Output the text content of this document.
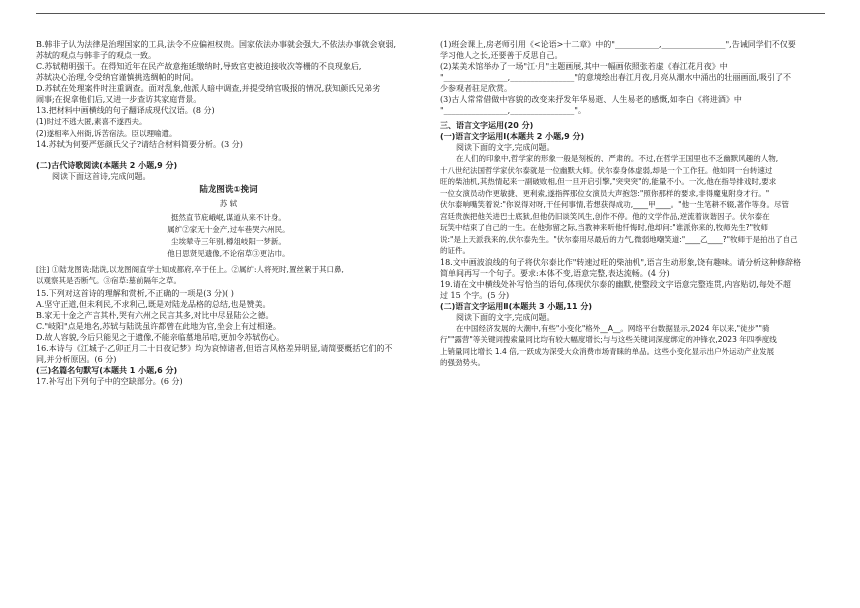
B.韩非子认为法律是治理国家的工具,法令不应偏袒权贵。国家依法办事就会强大,不依法办事就会衰弱,

苏轼的观点与韩非子的观点一致。

C.苏轼精明强干。在得知近年在民产故意拖延缴纳时,导致官吏被迫接收次等栅的不良现象后,

苏轼决心治理,令受纳官谨慎挑选绸帕的时间。

D.苏轼在处理案件时注重调查。面对乱象,他派人暗中调查,并提受纳官吸报的情况,获知颜氏兄弟劣

闹事;在捉拿他们后,又进一步查访其家庭背景。

13.把材料中画横线的句子翻译成现代汉语。(8 分)

(1)时过不逃大匿,素喜不遂西夫。

(2)遂相率入州衙,诉苦宿法。臣以理喻遣。

14.苏轼为何要严惩颜氏父子?请结合材料简要分析。(3 分)

(二)古代诗歌阅读(本题共 2 小题,9 分)

阅读下面这首诗,完成问题。

陆龙图诜①挽词
苏 轼
挺然直节庇峨岷,谋道从来不计身。
属纩②家无十金产,过车巷哭六州民。
尘埃辇寺三年别,樽俎岐阳一梦新。
他日思贤见遗像,不论宿草③更沾巾。

[注] ①陆龙图诜:陆诜,以龙图阁直学士知成都府,卒于任上。②属纩:人将死时,置丝絮于其口鼻,

以观察其是否断气。③宿草:墓前隔年之草。

15.下列对这首诗的理解和赏析,不正确的一项是(3 分)( )

A.坚守正道,但未利民,不求利己,既是对陆龙品格的总结,也是赞美。

B.家无十金之产言其朴,哭有六州之民言其多,对比中尽显陆公之德。

C."岐阳"点是地名,苏轼与陆诜虽许都曾在此地为官,坐会上有过相逢。

D.故人容貌,今后只能见之于遗像,不能亲临墓地吊唁,更加令苏轼伤心。

16.本诗与《江城子·乙卯正月二十日夜记梦》均为哀悼诸者,但语言风格差异明显,请简要概括它们的不

同,并分析原因。(6 分)

(三)名篇名句默写(本题共 1 小题,6 分)

17.补写出下列句子中的空缺部分。(6 分)

(1)班会课上,房老师引用《<论语>十二章》中的"___________,________________",告诫同学们不仅要

学习他人之长,还要善于反思自己。

(2)某美术馆举办了一场"江·月"主题画展,其中一幅画依照张若虚《春江花月夜》中

"________________,________________"的意境绘出春江月夜,月亮从潮水中涌出的壮丽画面,吸引了不

少参观者驻足欣赏。

(3)古人常常借做中容貌的改变来抒发年华易逝、人生易老的感慨,如李白《将进酒》中

"________________,________________"。

三、语言文字运用(20 分)

(一)语言文字运用Ⅰ(本题共 2 小题,9 分)

阅读下面的文字,完成问题。

在人们的印象中,哲学家的形象一般是刻板的、严肃的。不过,在哲学王国里也不乏幽默风趣的人物,

十八世纪法国哲学家伏尔泰就是一位幽默大师。伏尔泰身体虚弱,却是一个工作狂。他如同一台转速过

旺的柴油机,其热情起来一副破败相,但一旦开启引擎,"突突突"的,能量不小。一次,他在指导排戏时,要求

一位女演员动作更敏捷、更利索,遂指挥那位女演员大声抱怨:"照你那样的要求,非得魔鬼附身才行。"

伏尔泰响嘴笑着说:"你说得对呀,干任何事情,若想获得成功,____甲____。"他一生笔耕不辍,著作等身。尽管

宫廷贵族把他关进巴士底狱,但他仍旧谈笑风生,创作不停。他的文学作品,逆流着诙谐因子。伏尔泰在

玩笑中结束了自己的一生。在他弥留之际,当教神来听他忏悔时,他却问:"谁派你来的,牧师先生?"牧师

说:"是上天派我来的,伏尔泰先生。"伏尔泰用尽最后的力气,微弱地嘲笑道:"____乙____?"牧师于是拍出了自己

的证件。

18.文中画波浪线的句子将伏尔泰比作"转速过旺的柴油机",语言生动形象,饶有趣味。请分析这种修辞格

简单间再写一个句子。要求:本体不变,语意完整,表达流畅。(4 分)

19.请在文中横线处补写恰当的语句,体现伏尔泰的幽默,使整段文字语意完整连贯,内容贴切,每处不超

过 15 个字。(5 分)

(二)语言文字运用Ⅱ(本题共 3 小题,11 分)

阅读下面的文字,完成问题。

在中国经济发展的大潮中,有些"小变化"格外__A__。网络平台数据显示,2024 年以来,"徒步""骑

行""露营"等关键词搜索量同比均有较大幅度增长;与与这些关键词深度绑定的冲锋衣,2023 年四季度线

上销量同比增长 1.4 倍,一跃成为深受大众消费市场青睐的单品。这些小变化显示出户外运动产业发展

的强劲势头。
